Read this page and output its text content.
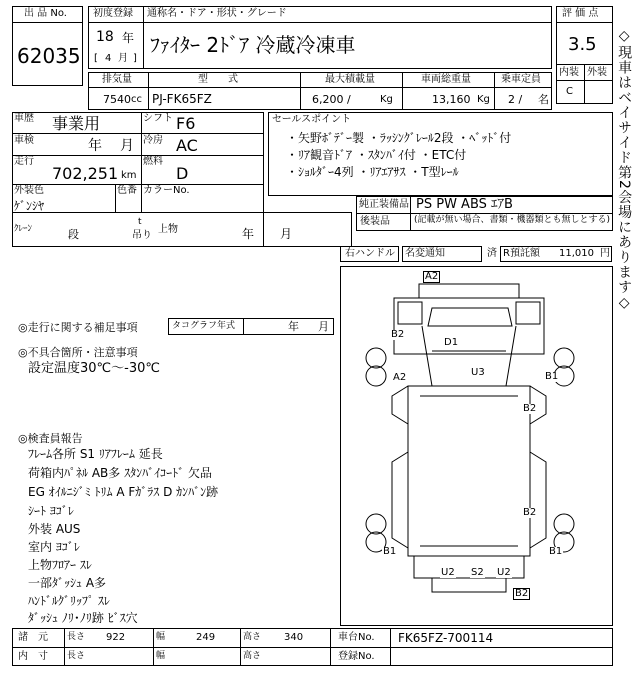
出 品 No.
62035
初度登録 通称名・ドア・形状・グレード
18 年
[ 4 月 ]
ﾌｧｲﾀｰ 2ﾄﾞｱ 冷蔵冷凍車
評 価 点
3.5
内装 外装
C
排気量	型　　式	最大積載量	車両総重量	乗車定員
7540 cc PJ-FK65FZ	6,200 /	Kg	13,160 Kg 2 / 名
車歴 事業用	シフト F6
車検	年 月 冷房 AC
走行
702,251 km
燃料
D
外装色
ｹﾞﾝｼﾔ
色番 カラーNo.
ｸﾚｰﾝ	段
t
吊り
上物	年 月
セールスポイント
・矢野ﾎﾞﾃﾞｰ製 ・ﾗｯｼﾝｸﾞﾚｰﾙ2段 ・ﾍﾞｯﾄﾞ付
・ﾘｱ観音ﾄﾞｱ ・ｽﾀﾝﾊﾞｲ付 ・ETC付
・ｼｮﾙﾀﾞｰ4列 ・ﾘｱｴｱｻｽ ・T型ﾚｰﾙ
純正装備品 PS PW ABS ｴｱB
後装品	(記載が無い場合、書類・機器類とも無しとする)
右ハンドル 名変通知	済 R預託額 11,010 円
◎走行に関する補足事項	タコグラフ年式	年 月
◎不具合箇所・注意事項
設定温度30℃～-30℃
◎検査員報告
ﾌﾚｰﾑ各所 S1 ﾘｱﾌﾚｰﾑ 延長
荷箱内ﾊﾟﾈﾙ AB多 ｽﾀﾝﾊﾞｲｺｰﾄﾞ 欠品
EG ｵｲﾙﾆｼﾞﾐ ﾄﾘﾑ A Fｶﾞﾗｽ D ｶﾝﾊﾞﾝ跡
ｼｰﾄ ﾖｺﾞﾚ
外装 AUS
室内 ﾖｺﾞﾚ
上物ﾌﾛｱｰ ｽﾚ
一部ﾀﾞｯｼｭ A多
ﾊﾝﾄﾞﾙｸﾞﾘｯﾌﾟ ｽﾚ
ﾀﾞｯｼｭ ﾉﾘ･ﾉﾘ跡 ﾋﾞｽ穴
A2
B2
D1
U3
A2	B1
B2
B2
B1	B1
U2 S2 U2
B2
◇現車はベイサイド第2会場にあります◇
諸　元 長さ 922	幅	249	高さ 340	車台No. FK65FZ-700114
内　寸 長さ	幅	高さ	登録No.
